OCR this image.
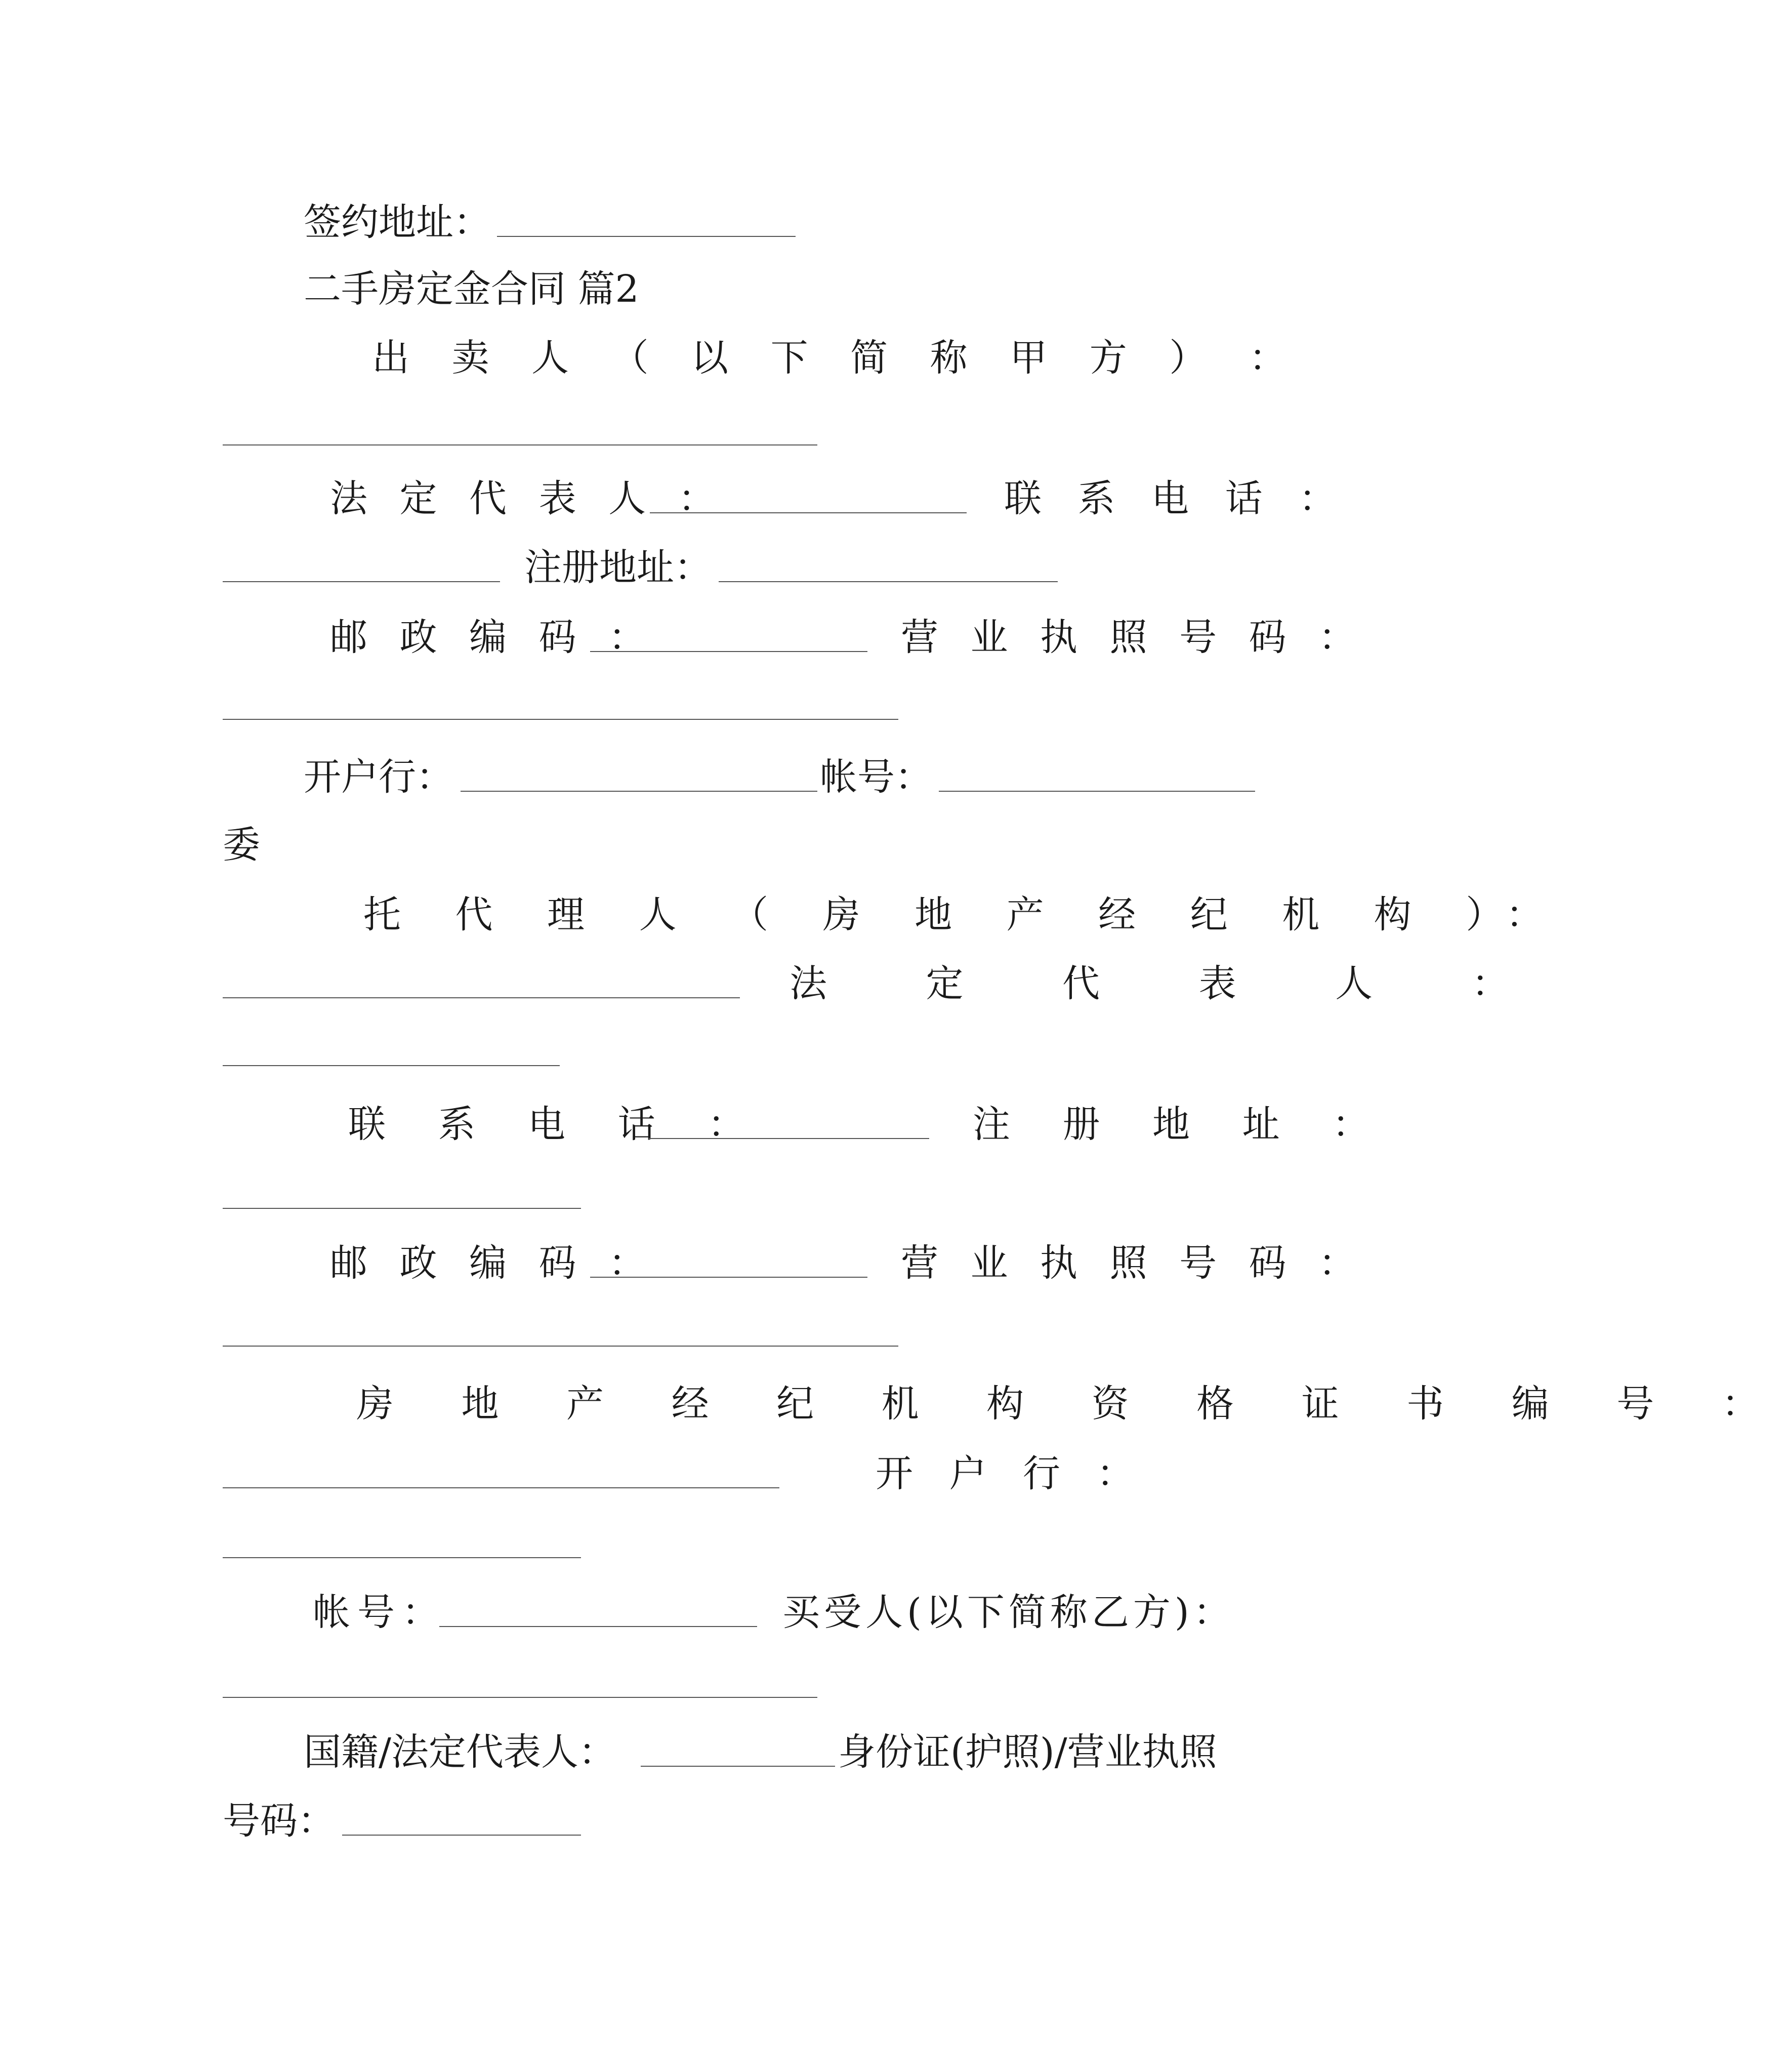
签约地址：
二手房定金合同 篇2
出 卖 人 （ 以 下 简 称 甲 方 ） ：
法 定 代 表 人 ：	联 系 电 话 ：
注册地址：
邮 政 编 码 ：	营 业 执 照 号 码 ：
开户行：	帐号：
委
托 代 理 人 （ 房 地 产 经 纪 机 构 ）：
法 定 代 表 人 ：
联 系 电 话 ：	注 册 地 址 ：
邮 政 编 码 ：	营 业 执 照 号 码 ：
房 地 产 经 纪 机 构 资 格 证 书 编 号 ：
开 户 行 ：
帐号：	买受人(以下简称乙方)：
国籍/法定代表人：	身份证(护照)/营业执照
号码：
